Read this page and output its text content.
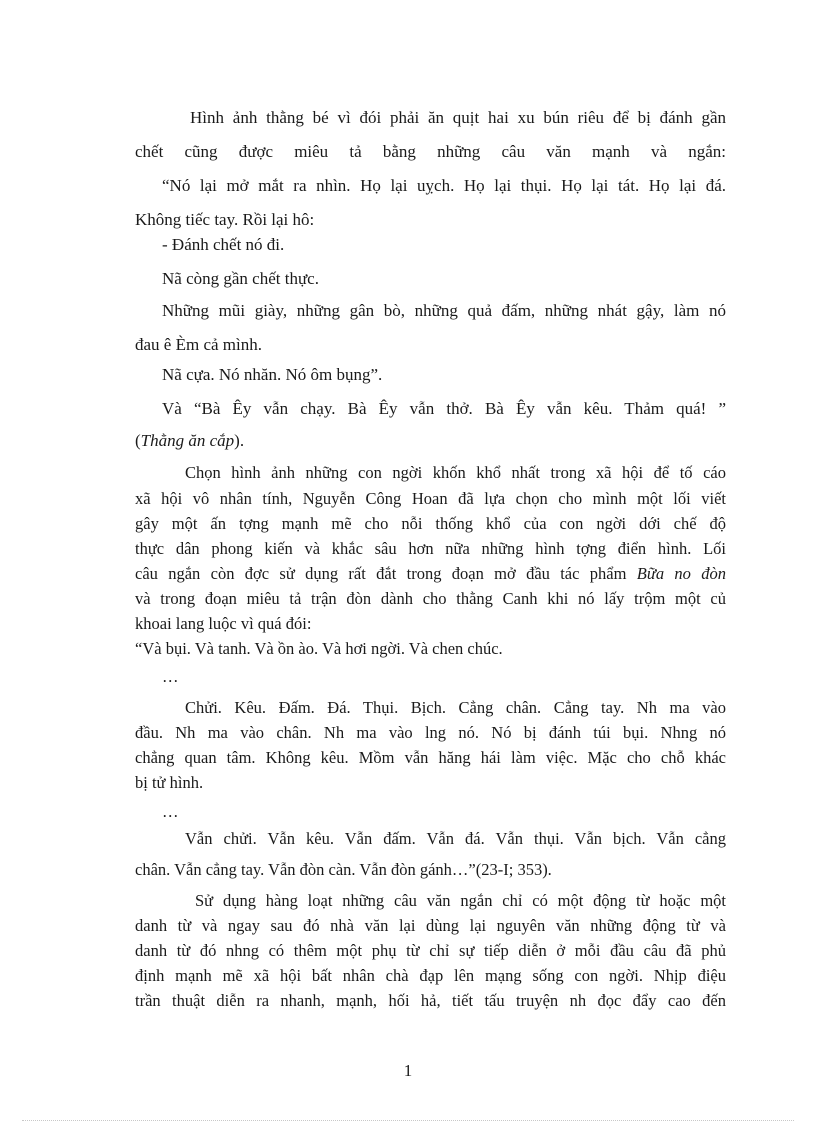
Hình ảnh thằng bé vì đói phải ăn quịt hai xu bún riêu để bị đánh gần
chết cũng được miêu tả bằng những câu văn mạnh và ngắn:
“Nó lại mở mắt ra nhìn. Họ lại uỵch. Họ lại thụi. Họ lại tát. Họ lại đá.
Không tiếc tay. Rồi lại hô:
- Đánh chết nó đi.
Nã còng gần chết thực.
Những mũi giày, những gân bò, những quả đấm, những nhát gậy, làm nó
đau ê Èm cả mình.
Nã cựa. Nó nhăn. Nó ôm bụng”.
Và “Bà Êy vẫn chạy. Bà Êy vẫn thở. Bà Êy vẫn kêu. Thảm quá! ”
(Thằng ăn cắp).
Chọn hình ảnh những con ngời khốn khổ nhất trong xã hội để tố cáo
xã hội vô nhân tính, Nguyễn Công Hoan đã lựa chọn cho mình một lối viết
gây một ấn tợng mạnh mẽ cho nỗi thống khổ của con ngời dới chế độ
thực dân phong kiến và khắc sâu hơn nữa những hình tợng điển hình. Lối
câu ngắn còn đợc sử dụng rất đắt trong đoạn mở đầu tác phẩm Bữa no đòn
và trong đoạn miêu tả trận đòn dành cho thằng Canh khi nó lấy trộm một củ
khoai lang luộc vì quá đói:
“Và bụi. Và tanh. Và ồn ào. Và hơi ngời. Và chen chúc.
…
Chửi. Kêu. Đấm. Đá. Thụi. Bịch. Cẳng chân. Cẳng tay. Nh ma vào
đầu. Nh ma vào chân. Nh ma vào lng nó. Nó bị đánh túi bụi. Nhng nó
chẳng quan tâm. Không kêu. Mồm vẫn hăng hái làm việc. Mặc cho chỗ khác
bị tử hình.
…
Vẫn chửi. Vẫn kêu. Vẫn đấm. Vẫn đá. Vẫn thụi. Vẫn bịch. Vẫn cẳng
chân. Vẫn cẳng tay. Vẫn đòn càn. Vẫn đòn gánh…”(23-I; 353).
Sử dụng hàng loạt những câu văn ngắn chỉ có một động từ hoặc một
danh từ và ngay sau đó nhà văn lại dùng lại nguyên văn những động từ và
danh từ đó nhng có thêm một phụ từ chỉ sự tiếp diễn ở mỗi đầu câu đã phủ
định mạnh mẽ xã hội bất nhân chà đạp lên mạng sống con ngời. Nhịp điệu
trần thuật diễn ra nhanh, mạnh, hối hả, tiết tấu truyện nh đọc đẩy cao đến
1
